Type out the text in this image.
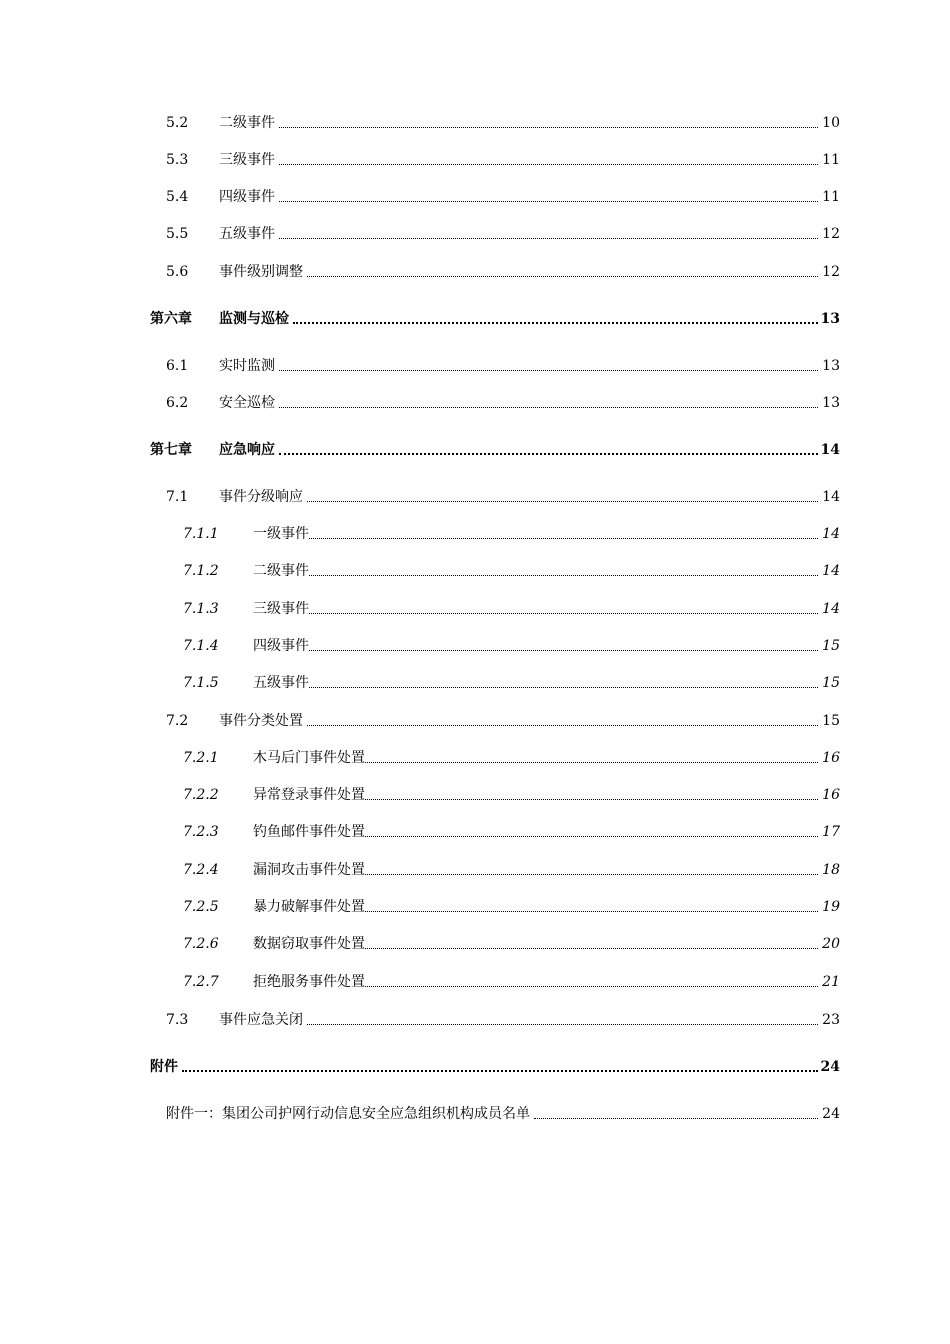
5.2 二级事件	10
5.3 三级事件	11
5.4 四级事件	11
5.5 五级事件	12
5.6 事件级别调整	12
第六章 监测与巡检	13
6.1 实时监测	13
6.2 安全巡检	13
第七章 应急响应	14
7.1 事件分级响应	14
7.1.1 一级事件	14
7.1.2 二级事件	14
7.1.3 三级事件	14
7.1.4 四级事件	15
7.1.5 五级事件	15
7.2 事件分类处置	15
7.2.1 木马后门事件处置	16
7.2.2 异常登录事件处置	16
7.2.3 钓鱼邮件事件处置	17
7.2.4 漏洞攻击事件处置	18
7.2.5 暴力破解事件处置	19
7.2.6 数据窃取事件处置	20
7.2.7 拒绝服务事件处置	21
7.3 事件应急关闭	23
附件	24
附件一：集团公司护网行动信息安全应急组织机构成员名单	24
